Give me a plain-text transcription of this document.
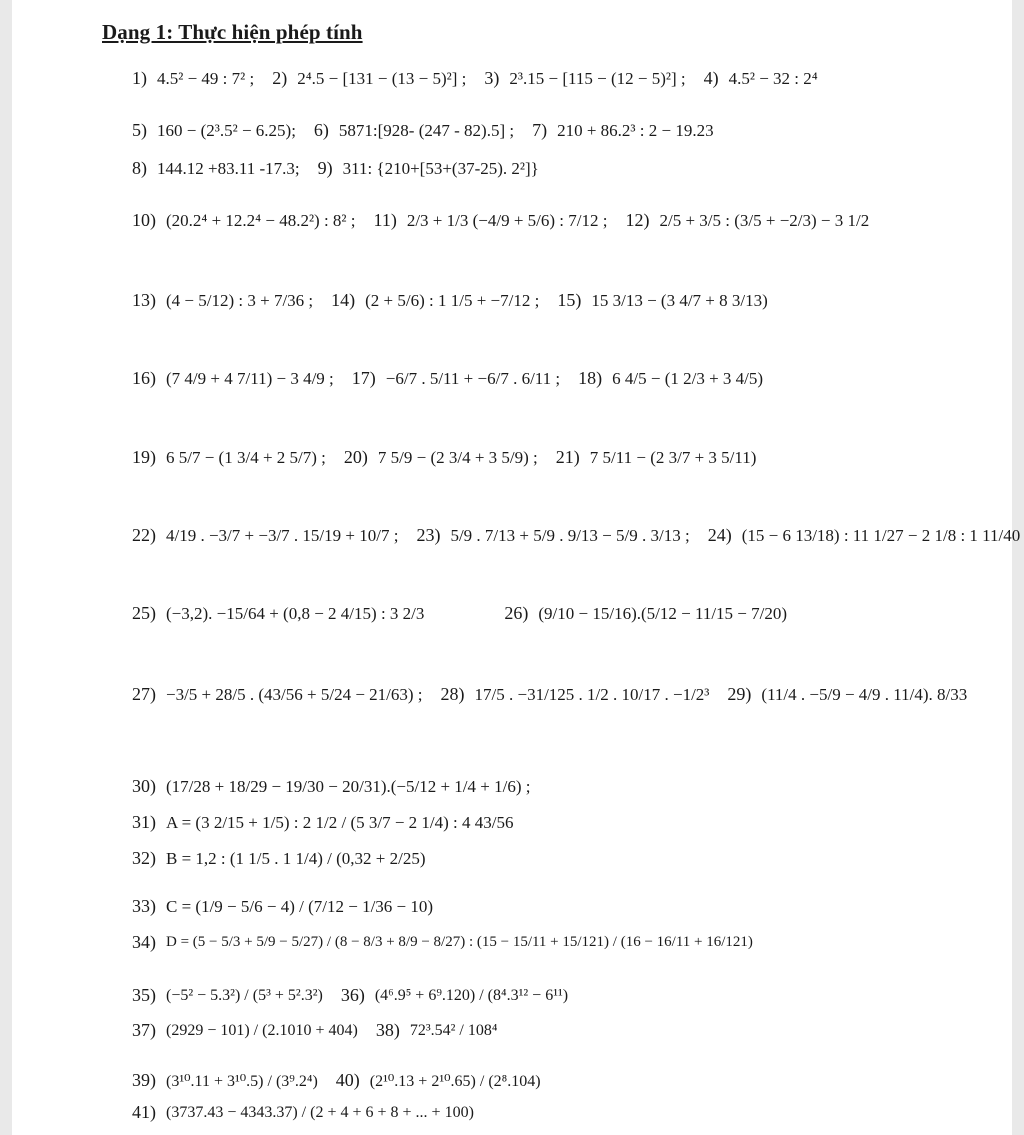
Dạng 1: Thực hiện phép tính
1) 4.5² − 49 : 7² ; 2) 2⁴.5 − [131 − (13 − 5)²] ; 3) 2³.15 − [115 − (12 − 5)²] ; 4) 4.5² − 32 : 2⁴
5) 160 − (2³.5² − 6.25); 6) 5871:[928- (247 - 82).5] ; 7) 210 + 86.2³ : 2 − 19.23
8) 144.12 +83.11 -17.3; 9) 311: {210+[53+(37-25). 2²]}
10) (20.2⁴ + 12.2⁴ − 48.2²) : 8² ; 11) 2/3 + 1/3 (−4/9 + 5/6) : 7/12 ; 12) 2/5 + 3/5 : (3/5 + −2/3) − 3 1/2
13) (4 − 5/12) : 3 + 7/36 ; 14) (2 + 5/6) : 1 1/5 + −7/12 ; 15) 15 3/13 − (3 4/7 + 8 3/13)
16) (7 4/9 + 4 7/11) − 3 4/9 ; 17) −6/7 . 5/11 + −6/7 . 6/11 ; 18) 6 4/5 − (1 2/3 + 3 4/5)
19) 6 5/7 − (1 3/4 + 2 5/7) ; 20) 7 5/9 − (2 3/4 + 3 5/9) ; 21) 7 5/11 − (2 3/7 + 3 5/11)
22) 4/19 . −3/7 + −3/7 . 15/19 + 10/7 ; 23) 5/9 . 7/13 + 5/9 . 9/13 − 5/9 . 3/13 ; 24) (15 − 6 13/18) : 11 1/27 − 2 1/8 : 1 11/40
25) (−3,2). −15/64 + (0,8 − 2 4/15) : 3 2/3	26) (9/10 − 15/16).(5/12 − 11/15 − 7/20)
27) −3/5 + 28/5 . (43/56 + 5/24 − 21/63) ; 28) 17/5 . −31/125 . 1/2 . 10/17 . −1/2³ 29) (11/4 . −5/9 − 4/9 . 11/4). 8/33
30) (17/28 + 18/29 − 19/30 − 20/31).(−5/12 + 1/4 + 1/6) ;
31) A = (3 2/15 + 1/5) : 2 1/2 / (5 3/7 − 2 1/4) : 4 43/56
32) B = 1,2 : (1 1/5 . 1 1/4) / (0,32 + 2/25)
33) C = (1/9 − 5/6 − 4) / (7/12 − 1/36 − 10)
34) D = (5 − 5/3 + 5/9 − 5/27) / (8 − 8/3 + 8/9 − 8/27) : (15 − 15/11 + 15/121) / (16 − 16/11 + 16/121)
35) (−5² − 5.3²) / (5³ + 5².3²) 36) (4⁶.9⁵ + 6⁹.120) / (8⁴.3¹² − 6¹¹)
37) (2929 − 101) / (2.1010 + 404) 38) 72³.54² / 108⁴
39) (3¹⁰.11 + 3¹⁰.5) / (3⁹.2⁴) 40) (2¹⁰.13 + 2¹⁰.65) / (2⁸.104)
41) (3737.43 − 4343.37) / (2 + 4 + 6 + 8 + ... + 100)
